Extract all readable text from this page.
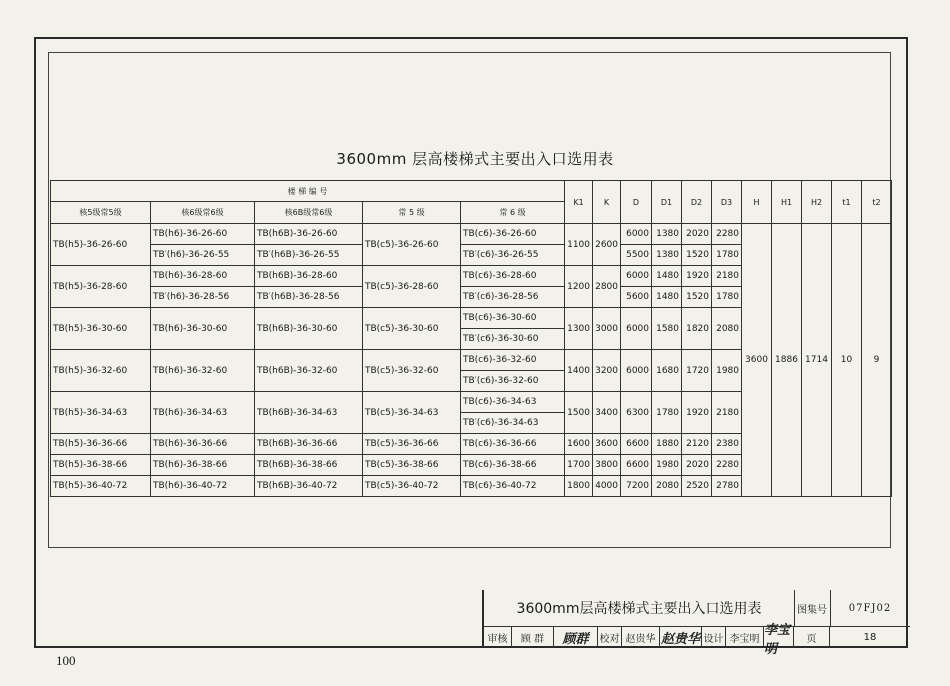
3600mm 层高楼梯式主要出入口选用表
楼 梯 编 号					K1	K	D	D1	D2	D3	H	H1	H2	t1	t2
核5级常5级	核6级常6级	核6B级常6级	常 5 级	常 6 级											
TB(h5)-36-26-60	TB(h6)-36-26-60	TB(h6B)-36-26-60	TB(c5)-36-26-60	TB(c6)-36-26-60	1100	2600	6000	1380	2020	2280	3600	1886	1714	10	9
	TB′(h6)-36-26-55	TB′(h6B)-36-26-55		TB′(c6)-36-26-55			5500	1380	1520	1780					
TB(h5)-36-28-60	TB(h6)-36-28-60	TB(h6B)-36-28-60	TB(c5)-36-28-60	TB(c6)-36-28-60	1200	2800	6000	1480	1920	2180					
	TB′(h6)-36-28-56	TB′(h6B)-36-28-56		TB′(c6)-36-28-56			5600	1480	1520	1780					
TB(h5)-36-30-60	TB(h6)-36-30-60	TB(h6B)-36-30-60	TB(c5)-36-30-60	TB(c6)-36-30-60	1300	3000	6000	1580	1820	2080					
				TB′(c6)-36-30-60											
TB(h5)-36-32-60	TB(h6)-36-32-60	TB(h6B)-36-32-60	TB(c5)-36-32-60	TB(c6)-36-32-60	1400	3200	6000	1680	1720	1980					
				TB′(c6)-36-32-60											
TB(h5)-36-34-63	TB(h6)-36-34-63	TB(h6B)-36-34-63	TB(c5)-36-34-63	TB(c6)-36-34-63	1500	3400	6300	1780	1920	2180					
				TB′(c6)-36-34-63											
TB(h5)-36-36-66	TB(h6)-36-36-66	TB(h6B)-36-36-66	TB(c5)-36-36-66	TB(c6)-36-36-66	1600	3600	6600	1880	2120	2380					
TB(h5)-36-38-66	TB(h6)-36-38-66	TB(h6B)-36-38-66	TB(c5)-36-38-66	TB(c6)-36-38-66	1700	3800	6600	1980	2020	2280					
TB(h5)-36-40-72	TB(h6)-36-40-72	TB(h6B)-36-40-72	TB(c5)-36-40-72	TB(c6)-36-40-72	1800	4000	7200	2080	2520	2780					
3600mm层高楼梯式主要出入口选用表	图集号	07FJ02
审核	顾 群	顾群	校对 赵贵华 赵贵华 设计 李宝明
李宝明
页	18
100
